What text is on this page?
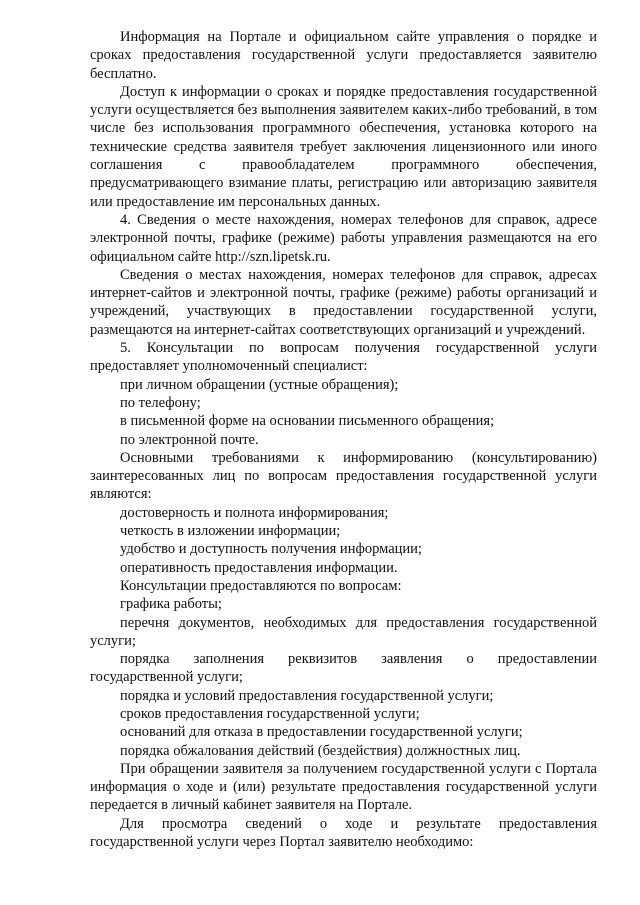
Информация на Портале и официальном сайте управления о порядке и сроках предоставления государственной услуги предоставляется заявителю бесплатно.

Доступ к информации о сроках и порядке предоставления государственной услуги осуществляется без выполнения заявителем каких-либо требований, в том числе без использования программного обеспечения, установка которого на технические средства заявителя требует заключения лицензионного или иного соглашения с правообладателем программного обеспечения, предусматривающего взимание платы, регистрацию или авторизацию заявителя или предоставление им персональных данных.

4. Сведения о месте нахождения, номерах телефонов для справок, адресе электронной почты, графике (режиме) работы управления размещаются на его официальном сайте http://szn.lipetsk.ru.

Сведения о местах нахождения, номерах телефонов для справок, адресах интернет-сайтов и электронной почты, графике (режиме) работы организаций и учреждений, участвующих в предоставлении государственной услуги, размещаются на интернет-сайтах соответствующих организаций и учреждений.

5. Консультации по вопросам получения государственной услуги предоставляет уполномоченный специалист:

при личном обращении (устные обращения);

по телефону;

в письменной форме на основании письменного обращения;

по электронной почте.

Основными требованиями к информированию (консультированию) заинтересованных лиц по вопросам предоставления государственной услуги являются:

достоверность и полнота информирования;

четкость в изложении информации;

удобство и доступность получения информации;

оперативность предоставления информации.

Консультации предоставляются по вопросам:

графика работы;

перечня документов, необходимых для предоставления государственной услуги;

порядка заполнения реквизитов заявления о предоставлении государственной услуги;

порядка и условий предоставления государственной услуги;

сроков предоставления государственной услуги;

оснований для отказа в предоставлении государственной услуги;

порядка обжалования действий (бездействия) должностных лиц.

При обращении заявителя за получением государственной услуги с Портала информация о ходе и (или) результате предоставления государственной услуги передается в личный кабинет заявителя на Портале.

Для просмотра сведений о ходе и результате предоставления государственной услуги через Портал заявителю необходимо:
